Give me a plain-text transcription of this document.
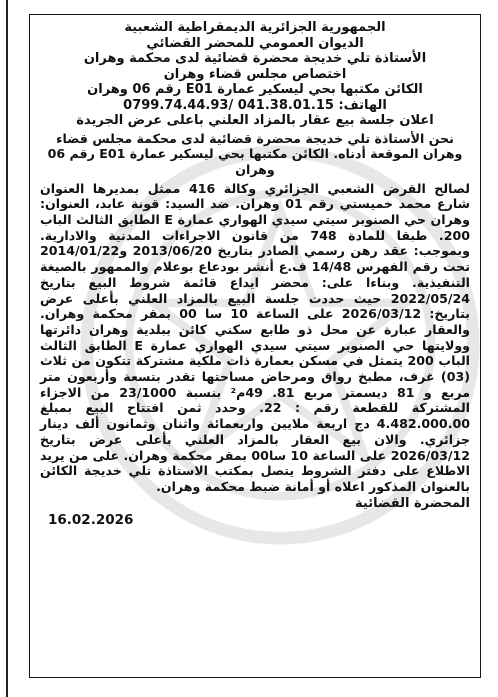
الجمهورية الجزائرية الديمقراطية الشعبية

الديوان العمومي للمحضر القضائي

الأستاذة تلي خديجة محضرة قضائية لدى محكمة وهران

اختصاص مجلس قضاء وهران

الكائن مكتبها بحي ليسكير عمارة E01 رقم 06 وهران

الهاتف: 041.38.01.15 /0799.74.44.93

اعلان جلسة بيع عقار بالمزاد العلني باعلى عرض الجريدة

نحن الأستاذة تلي خديجة محضرة قضائية لدى محكمة مجلس قضاء وهران الموقعة أدناه. الكائن مكتبها بحي ليسكير عمارة E01 رقم 06 وهران

لصالح القرض الشعبي الجزائري وكالة 416 ممثل بمديرها العنوان شارع محمد خميستي رقم 01 وهران. ضد السيد: قونة عابد، العنوان: وهران حي الصنوبر سيتي سيدي الهواري عمارة E الطابق الثالث الباب 200. طبقا للمادة 748 من قانون الاجراءات المدنية والادارية. وبموجب: عقد رهن رسمي الصادر بتاريخ 2013/06/20 و2014/01/22 تحت رقم الفهرس 14/48 ف.ع أنشر بودعاع بوعلام والممهور بالصيغة التنفيذية. وبناءا على: محضر ايداع قائمة شروط البيع بتاريخ 2022/05/24 حيث حددت جلسة البيع بالمزاد العلني بأعلى عرض بتاريخ: 2026/03/12 على الساعة 10 سا 00 بمقر محكمة وهران. والعقار عبارة عن محل ذو طابع سكني كائن ببلدية وهران دائرتها وولايتها حي الصنوبر سيتي سيدي الهواري عمارة E الطابق الثالث الباب 200 يتمثل في مسكن بعمارة ذات ملكية مشتركة تتكون من ثلاث (03) غرف، مطبخ رواق ومرحاض مساحتها تقدر بتسعة وأربعون متر مربع و 81 ديسمتر مربع 81. 49م² بنسبة 23/1000 من الاجزاء المشتركة للقطعة رقم : 22. وحدد ثمن افتتاح البيع بمبلغ 4.482.000.00 دج اربعة ملايين واربعمائة واثنان وثمانون ألف دينار جزائري. والان بيع العقار بالمزاد العلني بأعلى عرض بتاريخ 2026/03/12 على الساعة 10 سا00 بمقر محكمة وهران. على من يريد الاطلاع على دفتر الشروط يتصل بمكتب الاستاذة تلي خديجة الكائن بالعنوان المذكور اعلاه أو أمانة ضبط محكمة وهران.

المحضرة القضائية

16.02.2026
